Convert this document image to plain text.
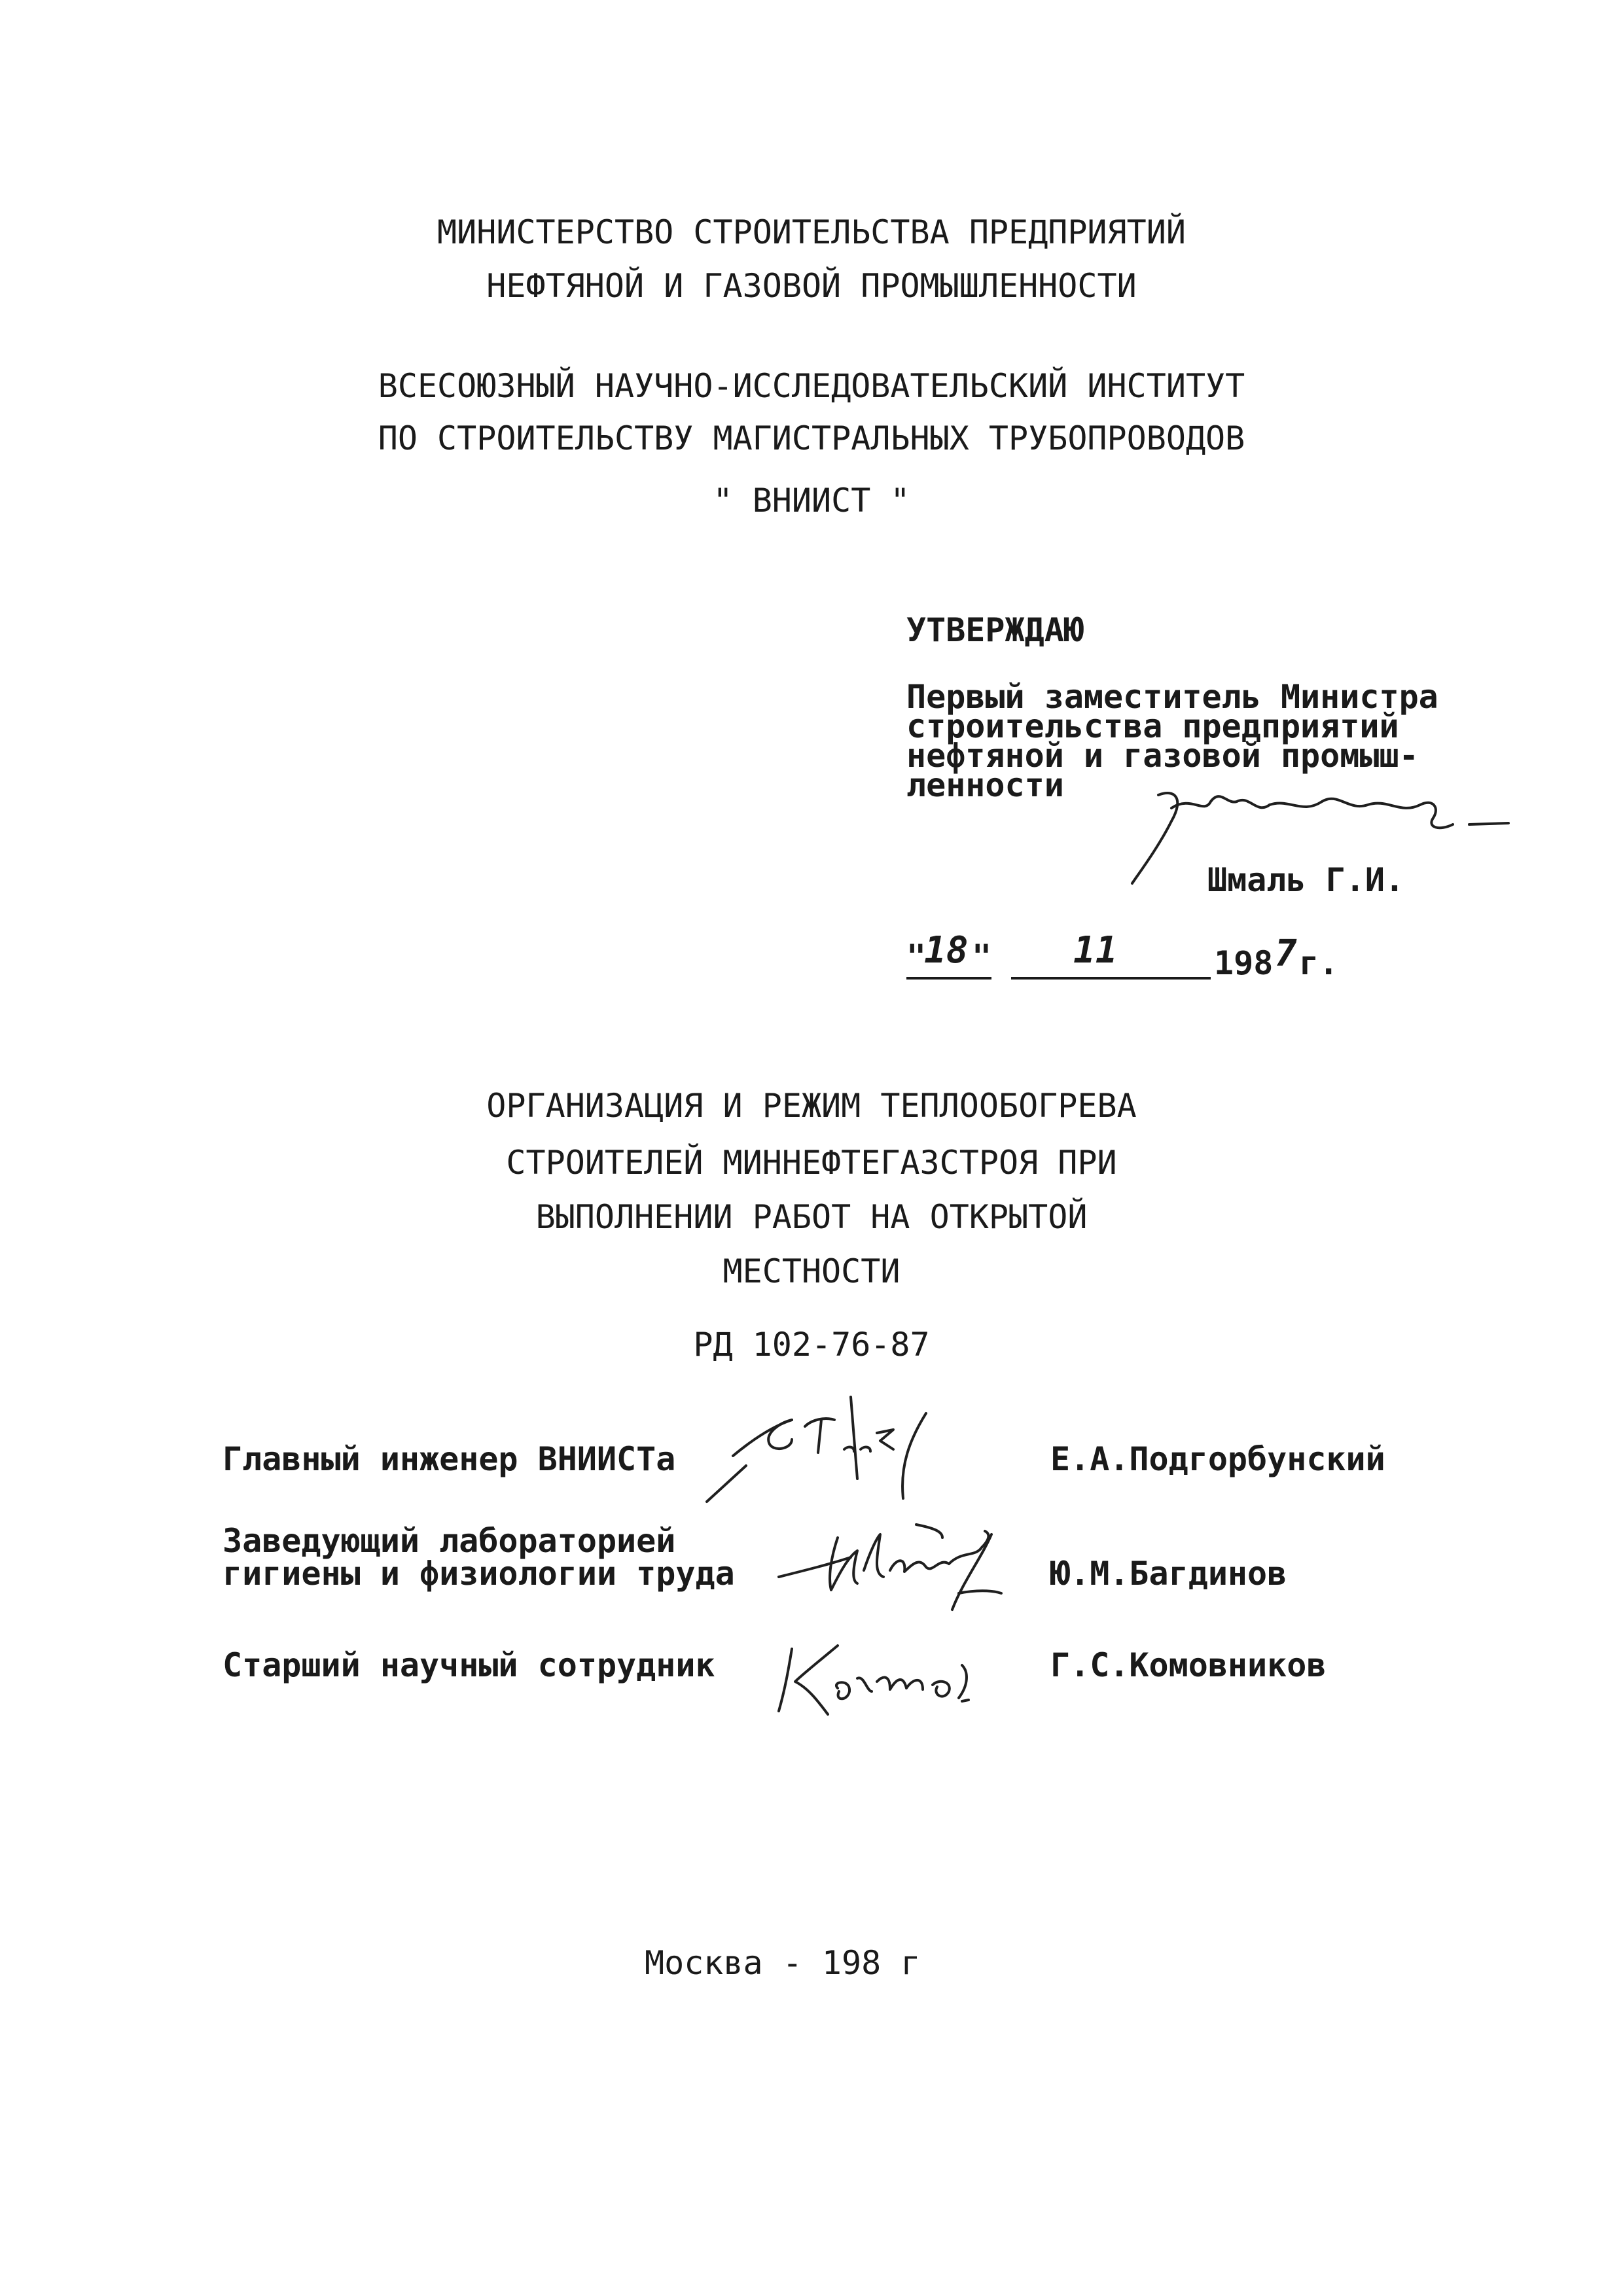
МИНИСТЕРСТВО СТРОИТЕЛЬСТВА ПРЕДПРИЯТИЙ
НЕФТЯНОЙ И ГАЗОВОЙ ПРОМЫШЛЕННОСТИ
ВСЕСОЮЗНЫЙ НАУЧНО-ИССЛЕДОВАТЕЛЬСКИЙ ИНСТИТУТ
ПО СТРОИТЕЛЬСТВУ МАГИСТРАЛЬНЫХ ТРУБОПРОВОДОВ
" ВНИИСТ "
УТВЕРЖДАЮ
Первый заместитель Министра
строительства предприятий
нефтяной и газовой промыш-
ленности
Шмаль Г.И.
"
18 " 11	198 7 г.
ОРГАНИЗАЦИЯ И РЕЖИМ ТЕПЛООБОГРЕВА
СТРОИТЕЛЕЙ МИННЕФТЕГАЗСТРОЯ ПРИ
ВЫПОЛНЕНИИ РАБОТ НА ОТКРЫТОЙ
МЕСТНОСТИ
РД 102-76-87
Главный инженер ВНИИСТа	Е.А.Подгорбунский
Заведующий лабораторией
гигиены и физиологии труда	Ю.М.Багдинов
Старший научный сотрудник	Г.С.Комовников
Москва - 198 г
